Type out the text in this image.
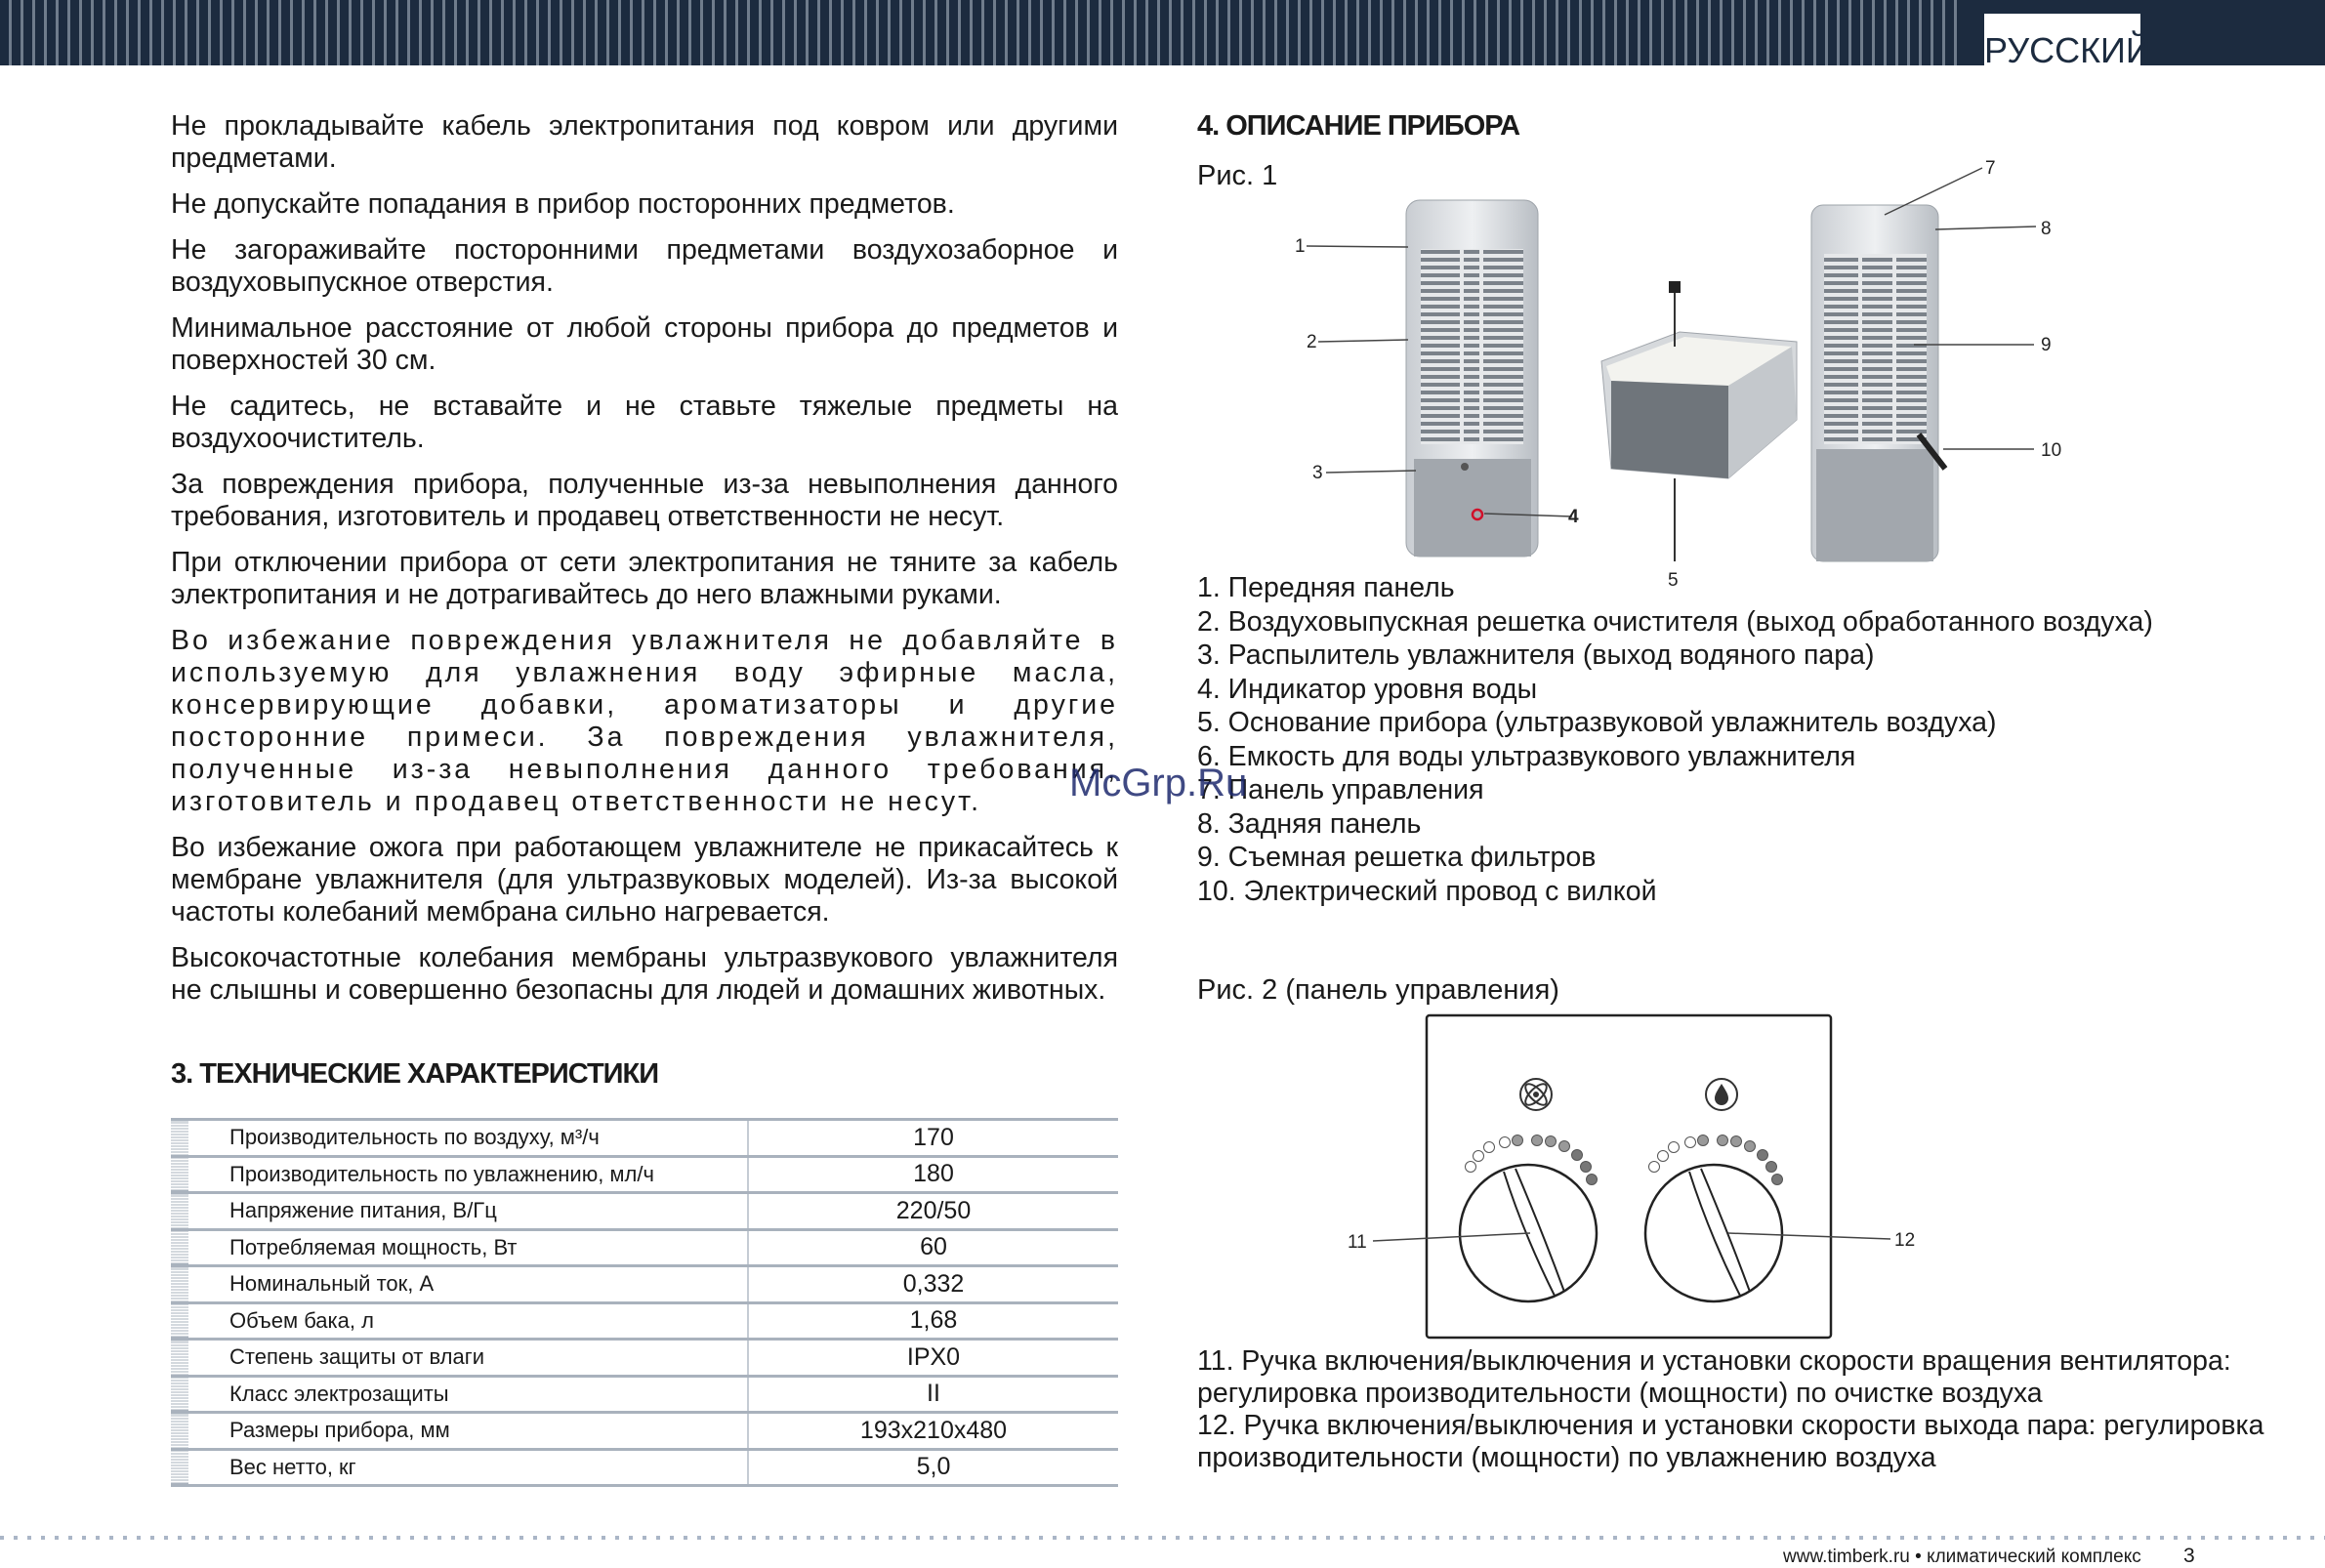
РУССКИЙ

Не прокладывайте кабель электропитания под ковром или другими предметами.

Не допускайте попадания в прибор посторонних предметов.

Не загораживайте посторонними предметами воздухозаборное и воздуховыпускное отверстия.

Минимальное расстояние от любой стороны прибора до предметов и поверхностей 30 см.

Не садитесь, не вставайте и не ставьте тяжелые предметы на воздухоочиститель.

За повреждения прибора, полученные из-за невыполнения данного требования, изготовитель и продавец ответственности не несут.

При отключении прибора от сети электропитания не тяните за кабель электропитания и не дотрагивайтесь до него влажными руками.

Во избежание повреждения увлажнителя не добавляйте в используемую для увлажнения воду эфирные масла, консервирующие добавки, ароматизаторы и другие посторонние примеси. За повреждения увлажнителя, полученные из-за невыполнения данного требования, изготовитель и продавец ответственности не несут.

Во избежание ожога при работающем увлажнителе не прикасайтесь к мембране увлажнителя (для ультразвуковых моделей). Из-за высокой частоты колебаний мембрана сильно нагревается.

Высокочастотные колебания мембраны ультразвукового увлажнителя не слышны и совершенно безопасны для людей и домашних животных.

3. ТЕХНИЧЕСКИЕ ХАРАКТЕРИСТИКИ
Производительность по воздуху, м³/ч	170
Производительность по увлажнению, мл/ч	180
Напряжение питания, В/Гц	220/50
Потребляемая мощность, Вт	60
Номинальный ток, А	0,332
Объем бака, л	1,68
Степень защиты от влаги	IPX0
Класс электрозащиты	II
Размеры прибора, мм	193x210x480
Вес нетто, кг	5,0
4. ОПИСАНИЕ ПРИБОРА
Рис. 1
1
2
3
4
5
7
8
9
10
1. Передняя панель
2. Воздуховыпускная решетка очистителя (выход обработанного воздуха)
3. Распылитель увлажнителя (выход водяного пара)
4. Индикатор уровня воды
5. Основание прибора (ультразвуковой увлажнитель воздуха)
6. Емкость для воды ультразвукового увлажнителя
7. Панель управления
8. Задняя панель
9. Съемная решетка фильтров
10. Электрический провод с вилкой
McGrp.Ru
Рис. 2 (панель управления)
11	12
11. Ручка включения/выключения и установки скорости вращения вентилятора: регулировка производительности (мощности) по очистке воздуха
12. Ручка включения/выключения и установки скорости выхода пара: регулировка производительности (мощности) по увлажнению воздуха
www.timberk.ru • климатический комплекс 3
